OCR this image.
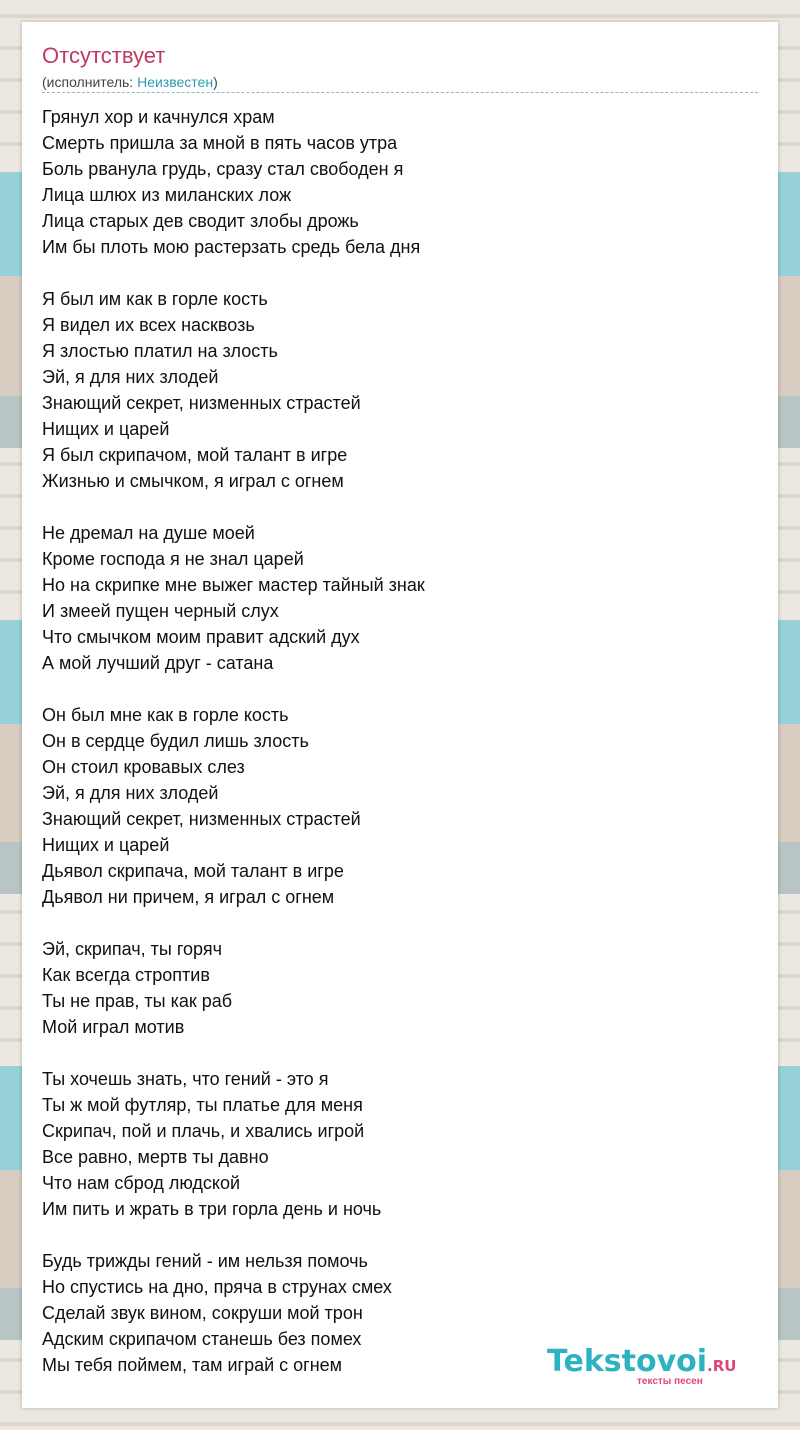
Отсутствует
(исполнитель: Неизвестен)
Грянул хор и качнулся храм
Смерть пришла за мной в пять часов утра
Боль рванула грудь, сразу стал свободен я
Лица шлюх из миланских лож
Лица старых дев сводит злобы дрожь
Им бы плоть мою растерзать средь бела дня
Я был им как в горле кость
Я видел их всех насквозь
Я злостью платил на злость
Эй, я для них злодей
Знающий секрет, низменных страстей
Нищих и царей
Я был скрипачом, мой талант в игре
Жизнью и смычком, я играл с огнем
Не дремал на душе моей
Кроме господа я не знал царей
Но на скрипке мне выжег мастер тайный знак
И змеей пущен черный слух
Что смычком моим правит адский дух
А мой лучший друг - сатана
Он был мне как в горле кость
Он в сердце будил лишь злость
Он стоил кровавых слез
Эй, я для них злодей
Знающий секрет, низменных страстей
Нищих и царей
Дьявол скрипача, мой талант в игре
Дьявол ни причем, я играл с огнем
Эй, скрипач, ты горяч
Как всегда строптив
Ты не прав, ты как раб
Мой играл мотив
Ты хочешь знать, что гений - это я
Ты ж мой футляр, ты платье для меня
Скрипач, пой и плачь, и хвались игрой
Все равно, мертв ты давно
Что нам сброд людской
Им пить и жрать в три горла день и ночь
Будь трижды гений - им нельзя помочь
Но спустись на дно, пряча в струнах смех
Сделай звук вином, сокруши мой трон
Адским скрипачом станешь без помех
Мы тебя поймем, там играй с огнем	Tekstovoi.RU
тексты песен
